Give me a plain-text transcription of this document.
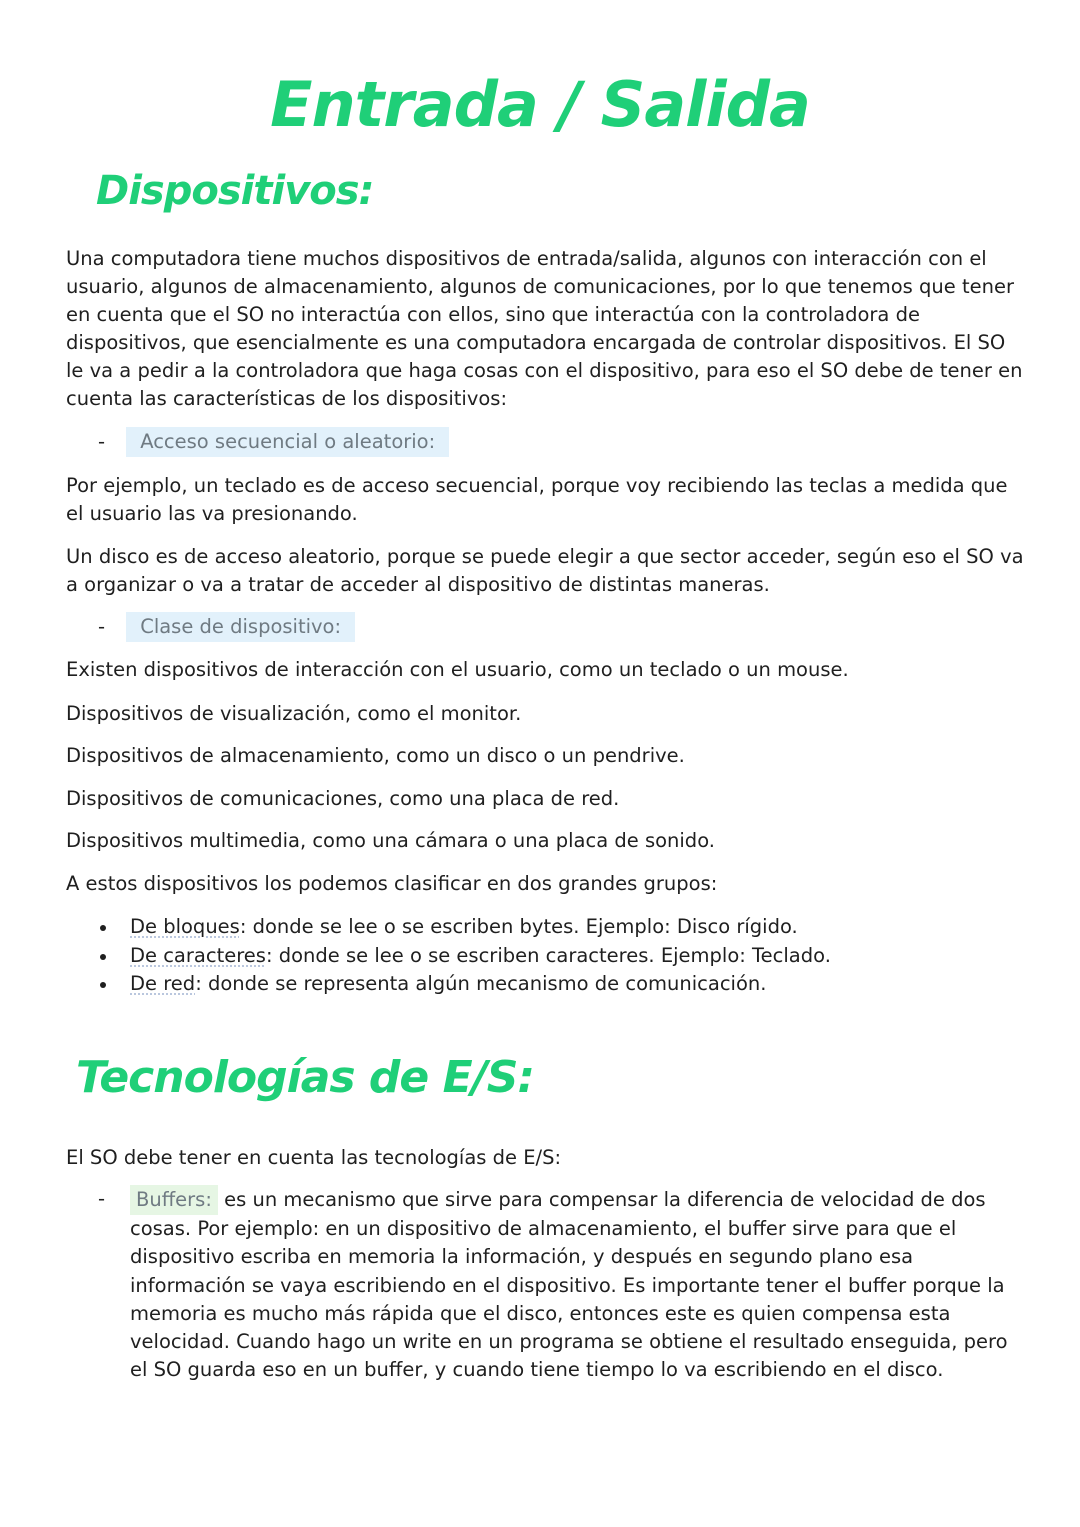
Entrada / Salida
Dispositivos:

Una computadora tiene muchos dispositivos de entrada/salida, algunos con interacción con el usuario, algunos de almacenamiento, algunos de comunicaciones, por lo que tenemos que tener en cuenta que el SO no interactúa con ellos, sino que interactúa con la controladora de dispositivos, que esencialmente es una computadora encargada de controlar dispositivos. El SO le va a pedir a la controladora que haga cosas con el dispositivo, para eso el SO debe de tener en cuenta las características de los dispositivos:

- Acceso secuencial o aleatorio:

Por ejemplo, un teclado es de acceso secuencial, porque voy recibiendo las teclas a medida que el usuario las va presionando.

Un disco es de acceso aleatorio, porque se puede elegir a que sector acceder, según eso el SO va a organizar o va a tratar de acceder al dispositivo de distintas maneras.

- Clase de dispositivo:

Existen dispositivos de interacción con el usuario, como un teclado o un mouse.

Dispositivos de visualización, como el monitor.

Dispositivos de almacenamiento, como un disco o un pendrive.

Dispositivos de comunicaciones, como una placa de red.

Dispositivos multimedia, como una cámara o una placa de sonido.

A estos dispositivos los podemos clasificar en dos grandes grupos:

De bloques: donde se lee o se escriben bytes. Ejemplo: Disco rígido.
De caracteres: donde se lee o se escriben caracteres. Ejemplo: Teclado.
De red: donde se representa algún mecanismo de comunicación.
Tecnologías de E/S:

El SO debe tener en cuenta las tecnologías de E/S:

-	Buffers: es un mecanismo que sirve para compensar la diferencia de velocidad de dos cosas. Por ejemplo: en un dispositivo de almacenamiento, el buffer sirve para que el dispositivo escriba en memoria la información, y después en segundo plano esa información se vaya escribiendo en el dispositivo. Es importante tener el buffer porque la memoria es mucho más rápida que el disco, entonces este es quien compensa esta velocidad. Cuando hago un write en un programa se obtiene el resultado enseguida, pero el SO guarda eso en un buffer, y cuando tiene tiempo lo va escribiendo en el disco.
